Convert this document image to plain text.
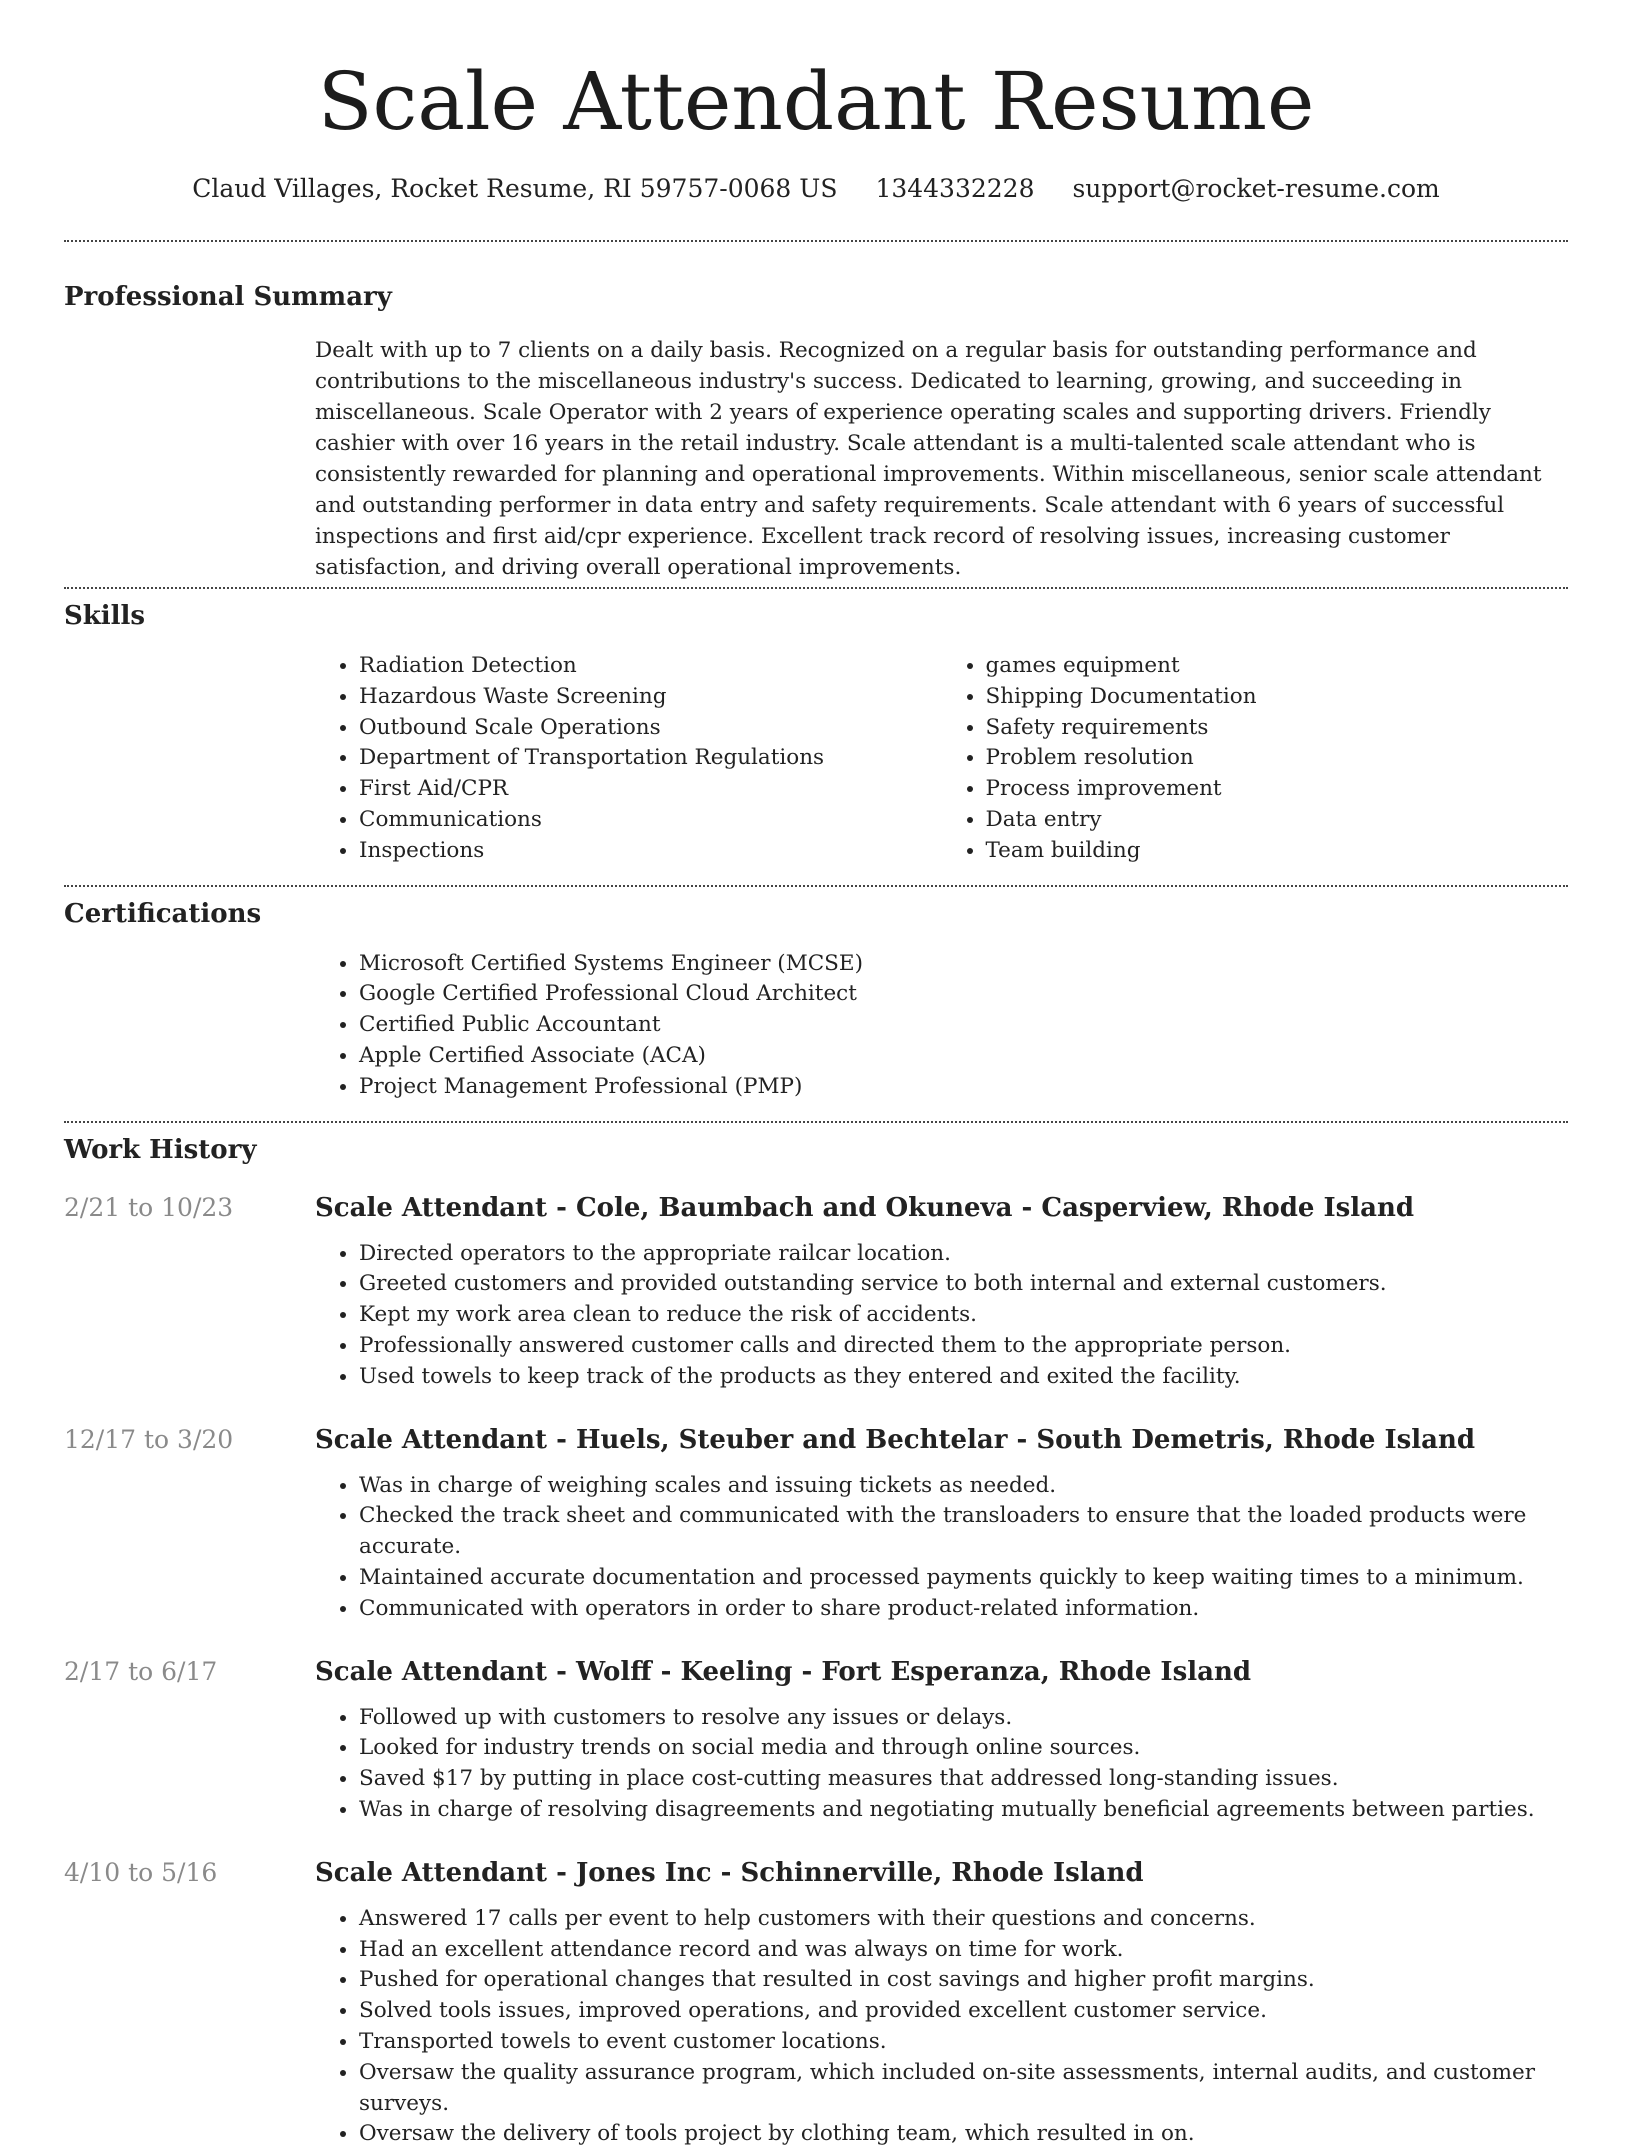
Scale Attendant Resume
Claud Villages, Rocket Resume, RI 59757-0068 US 1344332228 support@rocket-resume.com
Professional Summary

Dealt with up to 7 clients on a daily basis. Recognized on a regular basis for outstanding performance and contributions to the miscellaneous industry's success. Dedicated to learning, growing, and succeeding in miscellaneous. Scale Operator with 2 years of experience operating scales and supporting drivers. Friendly cashier with over 16 years in the retail industry. Scale attendant is a multi-talented scale attendant who is consistently rewarded for planning and operational improvements. Within miscellaneous, senior scale attendant and outstanding performer in data entry and safety requirements. Scale attendant with 6 years of successful inspections and first aid/cpr experience. Excellent track record of resolving issues, increasing customer satisfaction, and driving overall operational improvements.

Skills
• Radiation Detection
• Hazardous Waste Screening
• Outbound Scale Operations
• Department of Transportation Regulations
• First Aid/CPR
• Communications
• Inspections
• games equipment
• Shipping Documentation
• Safety requirements
• Problem resolution
• Process improvement
• Data entry
• Team building
Certifications
• Microsoft Certified Systems Engineer (MCSE)
• Google Certified Professional Cloud Architect
• Certified Public Accountant
• Apple Certified Associate (ACA)
• Project Management Professional (PMP)
Work History
2/21 to 10/23	Scale Attendant - Cole, Baumbach and Okuneva - Casperview, Rhode Island
• Directed operators to the appropriate railcar location.
• Greeted customers and provided outstanding service to both internal and external customers.
• Kept my work area clean to reduce the risk of accidents.
• Professionally answered customer calls and directed them to the appropriate person.
• Used towels to keep track of the products as they entered and exited the facility.
12/17 to 3/20	Scale Attendant - Huels, Steuber and Bechtelar - South Demetris, Rhode Island
• Was in charge of weighing scales and issuing tickets as needed.
• Checked the track sheet and communicated with the transloaders to ensure that the loaded products were accurate.
• Maintained accurate documentation and processed payments quickly to keep waiting times to a minimum.
• Communicated with operators in order to share product-related information.
2/17 to 6/17	Scale Attendant - Wolff - Keeling - Fort Esperanza, Rhode Island
• Followed up with customers to resolve any issues or delays.
• Looked for industry trends on social media and through online sources.
• Saved $17 by putting in place cost-cutting measures that addressed long-standing issues.
• Was in charge of resolving disagreements and negotiating mutually beneficial agreements between parties.
4/10 to 5/16	Scale Attendant - Jones Inc - Schinnerville, Rhode Island
• Answered 17 calls per event to help customers with their questions and concerns.
• Had an excellent attendance record and was always on time for work.
• Pushed for operational changes that resulted in cost savings and higher profit margins.
• Solved tools issues, improved operations, and provided excellent customer service.
• Transported towels to event customer locations.
• Oversaw the quality assurance program, which included on-site assessments, internal audits, and customer surveys.
• Oversaw the delivery of tools project by clothing team, which resulted in on.
